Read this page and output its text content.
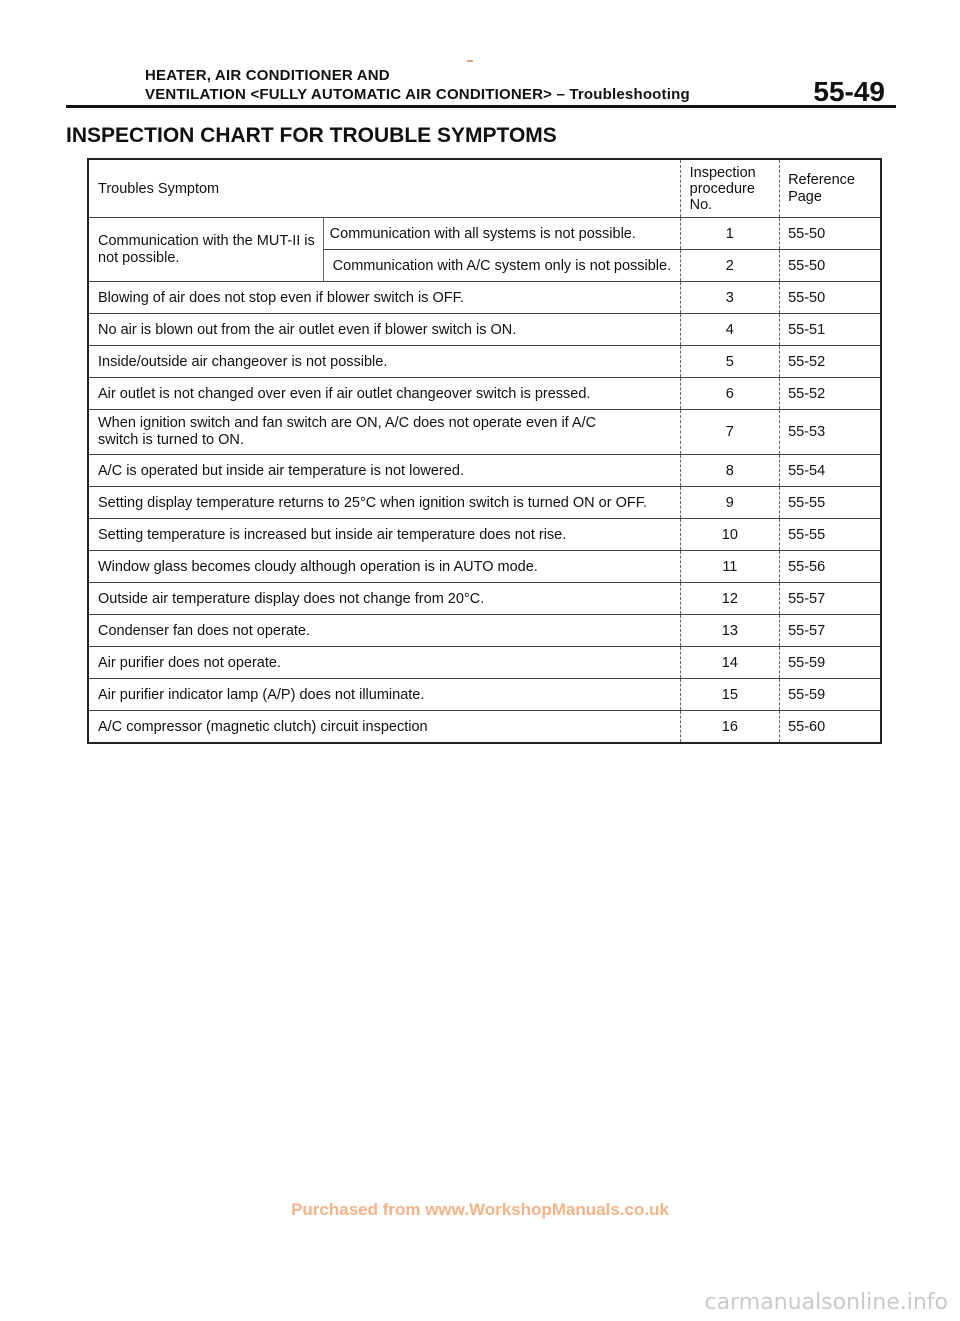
HEATER, AIR CONDITIONER AND
VENTILATION <FULLY AUTOMATIC AIR CONDITIONER> – Troubleshooting	55-49
INSPECTION CHART FOR TROUBLE SYMPTOMS
Troubles Symptom		Inspection procedure No.	Reference Page
Communication with the MUT-II is not possible.	Communication with all systems is not possible.	1	55-50
	Communication with A/C system only is not possible.	2	55-50
Blowing of air does not stop even if blower switch is OFF.		3	55-50
No air is blown out from the air outlet even if blower switch is ON.		4	55-51
Inside/outside air changeover is not possible.		5	55-52
Air outlet is not changed over even if air outlet changeover switch is pressed.		6	55-52
When ignition switch and fan switch are ON, A/C does not operate even if A/C switch is turned to ON.		7	55-53
A/C is operated but inside air temperature is not lowered.		8	55-54
Setting display temperature returns to 25°C when ignition switch is turned ON or OFF.		9	55-55
Setting temperature is increased but inside air temperature does not rise.		10	55-55
Window glass becomes cloudy although operation is in AUTO mode.		11	55-56
Outside air temperature display does not change from 20°C.		12	55-57
Condenser fan does not operate.		13	55-57
Air purifier does not operate.		14	55-59
Air purifier indicator lamp (A/P) does not illuminate.		15	55-59
A/C compressor (magnetic clutch) circuit inspection		16	55-60
Purchased from www.WorkshopManuals.co.uk
carmanualsonline.info
